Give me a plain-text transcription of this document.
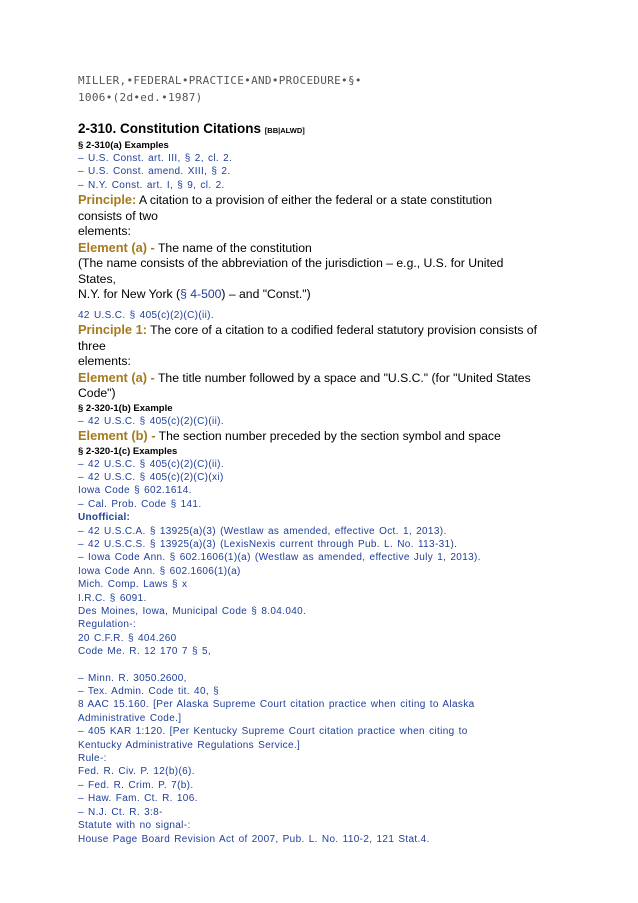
MILLER,•FEDERAL•PRACTICE•AND•PROCEDURE•§•
1006•(2d•ed.•1987)
2-310. Constitution Citations [BB|ALWD]
§ 2-310(a) Examples
– U.S. Const. art. III, § 2, cl. 2.
– U.S. Const. amend. XIII, § 2.
– N.Y. Const. art. I, § 9, cl. 2.
Principle: A citation to a provision of either the federal or a state constitution
consists of two
elements:
Element (a) - The name of the constitution
(The name consists of the abbreviation of the jurisdiction – e.g., U.S. for United
States,
N.Y. for New York (§ 4-500) – and "Const.")
42 U.S.C. § 405(c)(2)(C)(ii).
Principle 1: The core of a citation to a codified federal statutory provision consists of
three
elements:
Element (a) - The title number followed by a space and "U.S.C." (for "United States
Code")
§ 2-320-1(b) Example
– 42 U.S.C. § 405(c)(2)(C)(ii).
Element (b) - The section number preceded by the section symbol and space
§ 2-320-1(c) Examples
– 42 U.S.C. § 405(c)(2)(C)(ii).
– 42 U.S.C. § 405(c)(2)(C)(xi)
Iowa Code § 602.1614.
– Cal. Prob. Code § 141.
Unofficial:
– 42 U.S.C.A. § 13925(a)(3) (Westlaw as amended, effective Oct. 1, 2013).
– 42 U.S.C.S. § 13925(a)(3) (LexisNexis current through Pub. L. No. 113-31).
– Iowa Code Ann. § 602.1606(1)(a) (Westlaw as amended, effective July 1, 2013).
Iowa Code Ann. § 602.1606(1)(a)
Mich. Comp. Laws § x
I.R.C. § 6091.
Des Moines, Iowa, Municipal Code § 8.04.040.
Regulation-:
20 C.F.R. § 404.260
Code Me. R. 12 170 7 § 5,
– Minn. R. 3050.2600,
– Tex. Admin. Code tit. 40, §
8 AAC 15.160. [Per Alaska Supreme Court citation practice when citing to Alaska
Administrative Code.]
– 405 KAR 1:120. [Per Kentucky Supreme Court citation practice when citing to
Kentucky Administrative Regulations Service.]
Rule-:
Fed. R. Civ. P. 12(b)(6).
– Fed. R. Crim. P. 7(b).
– Haw. Fam. Ct. R. 106.
– N.J. Ct. R. 3:8-
Statute with no signal-:
House Page Board Revision Act of 2007, Pub. L. No. 110-2, 121 Stat.4.
